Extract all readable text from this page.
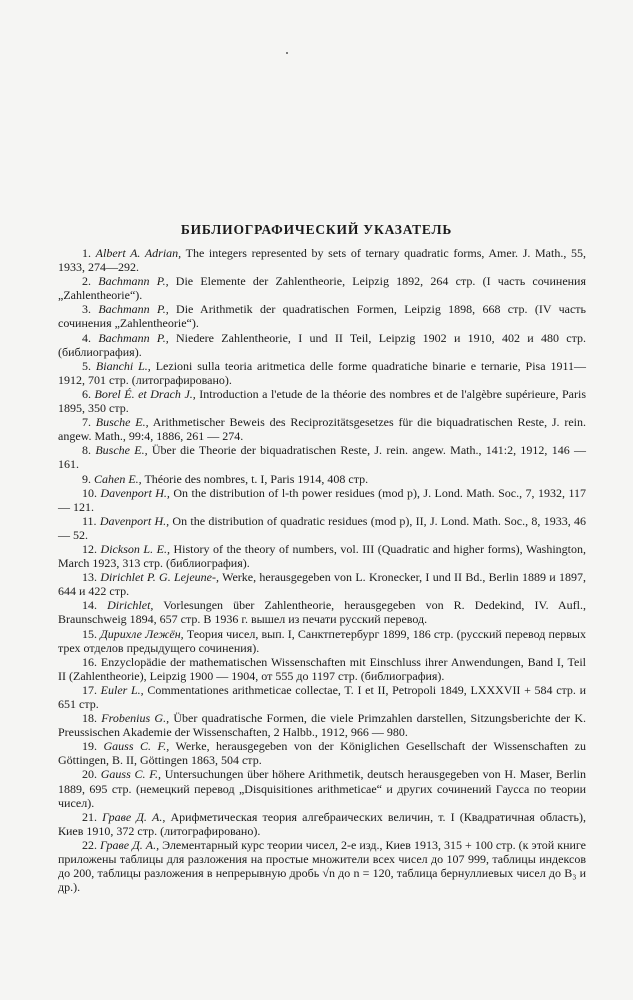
БИБЛИОГРАФИЧЕСКИЙ УКАЗАТЕЛЬ

1. Albert A. Adrian, The integers represented by sets of ternary quadratic forms, Amer. J. Math., 55, 1933, 274—292.

2. Bachmann P., Die Elemente der Zahlentheorie, Leipzig 1892, 264 стр. (I часть сочинения „Zahlentheorie“).

3. Bachmann P., Die Arithmetik der quadratischen Formen, Leipzig 1898, 668 стр. (IV часть сочинения „Zahlentheorie“).

4. Bachmann P., Niedere Zahlentheorie, I und II Teil, Leipzig 1902 и 1910, 402 и 480 стр. (библиография).

5. Bianchi L., Lezioni sulla teoria aritmetica delle forme quadratiche binarie e ternarie, Pisa 1911—1912, 701 стр. (литографировано).

6. Borel É. et Drach J., Introduction a l'etude de la théorie des nombres et de l'algèbre supérieure, Paris 1895, 350 стр.

7. Busche E., Arithmetischer Beweis des Reciprozitätsgesetzes für die biquadratischen Reste, J. rein. angew. Math., 99:4, 1886, 261 — 274.

8. Busche E., Über die Theorie der biquadratischen Reste, J. rein. angew. Math., 141:2, 1912, 146 — 161.

9. Cahen E., Théorie des nombres, t. I, Paris 1914, 408 стр.

10. Davenport H., On the distribution of l-th power residues (mod p), J. Lond. Math. Soc., 7, 1932, 117 — 121.

11. Davenport H., On the distribution of quadratic residues (mod p), II, J. Lond. Math. Soc., 8, 1933, 46 — 52.

12. Dickson L. E., History of the theory of numbers, vol. III (Quadratic and higher forms), Washington, March 1923, 313 стр. (библиография).

13. Dirichlet P. G. Lejeune-, Werke, herausgegeben von L. Kronecker, I und II Bd., Berlin 1889 и 1897, 644 и 422 стр.

14. Dirichlet, Vorlesungen über Zahlentheorie, herausgegeben von R. Dedekind, IV. Aufl., Braunschweig 1894, 657 стр. В 1936 г. вышел из печати русский перевод.

15. Дирихле Лежён, Теория чисел, вып. I, Санктпетербург 1899, 186 стр. (русский перевод первых трех отделов предыдущего сочинения).

16. Enzyclopädie der mathematischen Wissenschaften mit Einschluss ihrer Anwendungen, Band I, Teil II (Zahlentheorie), Leipzig 1900 — 1904, от 555 до 1197 стр. (библиография).

17. Euler L., Commentationes arithmeticae collectae, T. I et II, Petropoli 1849, LXXXVII + 584 стр. и 651 стр.

18. Frobenius G., Über quadratische Formen, die viele Primzahlen darstellen, Sitzungsberichte der K. Preussischen Akademie der Wissenschaften, 2 Halbb., 1912, 966 — 980.

19. Gauss C. F., Werke, herausgegeben von der Königlichen Gesellschaft der Wissenschaften zu Göttingen, B. II, Göttingen 1863, 504 стр.

20. Gauss C. F., Untersuchungen über höhere Arithmetik, deutsch herausgegeben von H. Maser, Berlin 1889, 695 стр. (немецкий перевод „Disquisitiones arithmeticae“ и других сочинений Гаусса по теории чисел).

21. Граве Д. А., Арифметическая теория алгебраических величин, т. I (Квадратичная область), Киев 1910, 372 стр. (литографировано).

22. Граве Д. А., Элементарный курс теории чисел, 2-е изд., Киев 1913, 315 + 100 стр. (к этой книге приложены таблицы для разложения на простые множители всех чисел до 107 999, таблицы индексов до 200, таблицы разложения в непрерывную дробь √n до n = 120, таблица бернуллиевых чисел до B₃ и др.).
